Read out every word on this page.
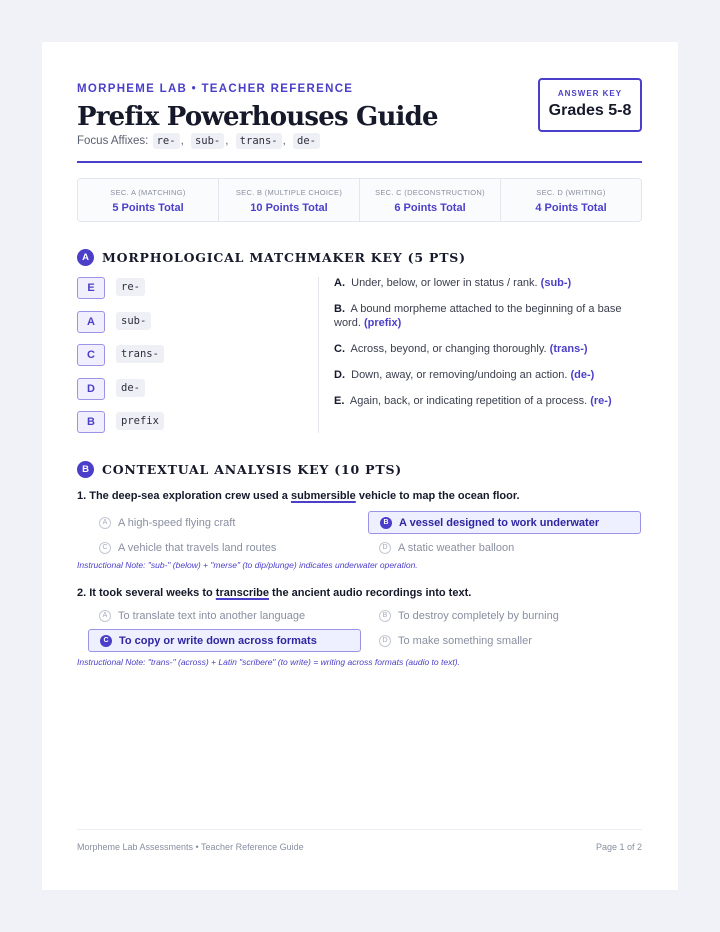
MORPHEME LAB • TEACHER REFERENCE
Prefix Powerhouses Guide
Focus Affixes: re- , sub- , trans- , de-
ANSWER KEY
Grades 5-8
SEC. A (MATCHING)
5 Points Total
SEC. B (MULTIPLE CHOICE)
10 Points Total
SEC. C (DECONSTRUCTION)
6 Points Total
SEC. D (WRITING)
4 Points Total
A	MORPHOLOGICAL MATCHMAKER KEY (5 PTS)
E	re-
A	sub-
C	trans-
D	de-
B	prefix
A. Under, below, or lower in status / rank. (sub-)
B. A bound morpheme attached to the beginning of a base word. (prefix)
C. Across, beyond, or changing thoroughly. (trans-)
D. Down, away, or removing/undoing an action. (de-)
E. Again, back, or indicating repetition of a process. (re-)
B	CONTEXTUAL ANALYSIS KEY (10 PTS)
1. The deep-sea exploration crew used a submersible vehicle to map the ocean floor.
A A high-speed flying craft	B A vessel designed to work underwater
C A vehicle that travels land routes	D A static weather balloon
Instructional Note: "sub-" (below) + "merse" (to dip/plunge) indicates underwater operation.
2. It took several weeks to transcribe the ancient audio recordings into text.
A To translate text into another language	B To destroy completely by burning
C To copy or write down across formats	D To make something smaller
Instructional Note: "trans-" (across) + Latin "scribere" (to write) = writing across formats (audio to text).
Morpheme Lab Assessments • Teacher Reference Guide	Page 1 of 2
